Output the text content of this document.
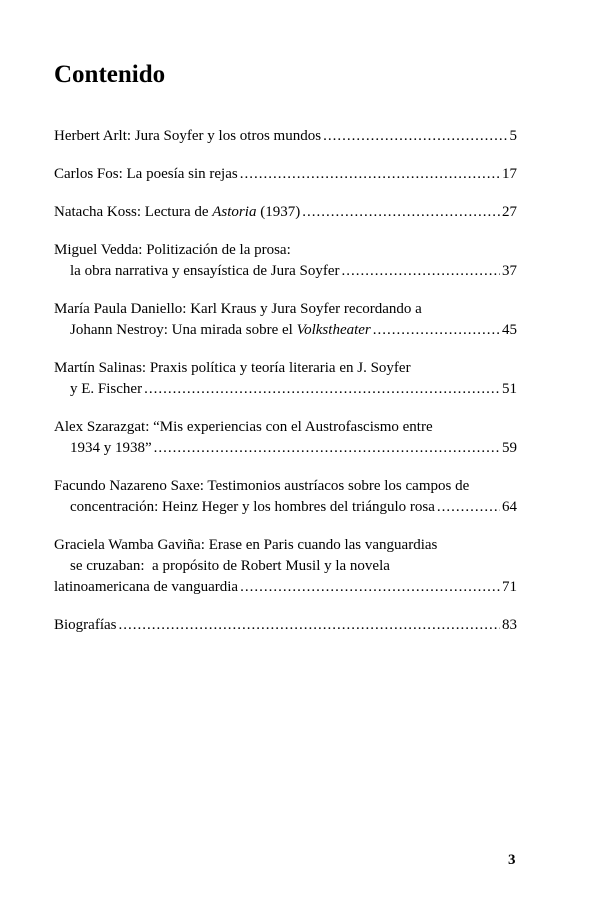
Contenido
Herbert Arlt: Jura Soyfer y los otros mundos .....	5
Carlos Fos: La poesía sin rejas .....	17
Natacha Koss: Lectura de Astoria (1937) .....	27
Miguel Vedda: Politización de la prosa:
la obra narrativa y ensayística de Jura Soyfer .....	37
María Paula Daniello: Karl Kraus y Jura Soyfer recordando a
Johann Nestroy: Una mirada sobre el Volkstheater .....	45
Martín Salinas: Praxis política y teoría literaria en J. Soyfer
y E. Fischer .....	51
Alex Szarazgat: “Mis experiencias con el Austrofascismo entre
1934 y 1938” .....	59
Facundo Nazareno Saxe: Testimonios austríacos sobre los campos de
concentración: Heinz Heger y los hombres del triángulo rosa .....	64
Graciela Wamba Gaviña: Erase en Paris cuando las vanguardias
se cruzaban:  a propósito de Robert Musil y la novela
latinoamericana de vanguardia .....	71
Biografías .....	83
3
